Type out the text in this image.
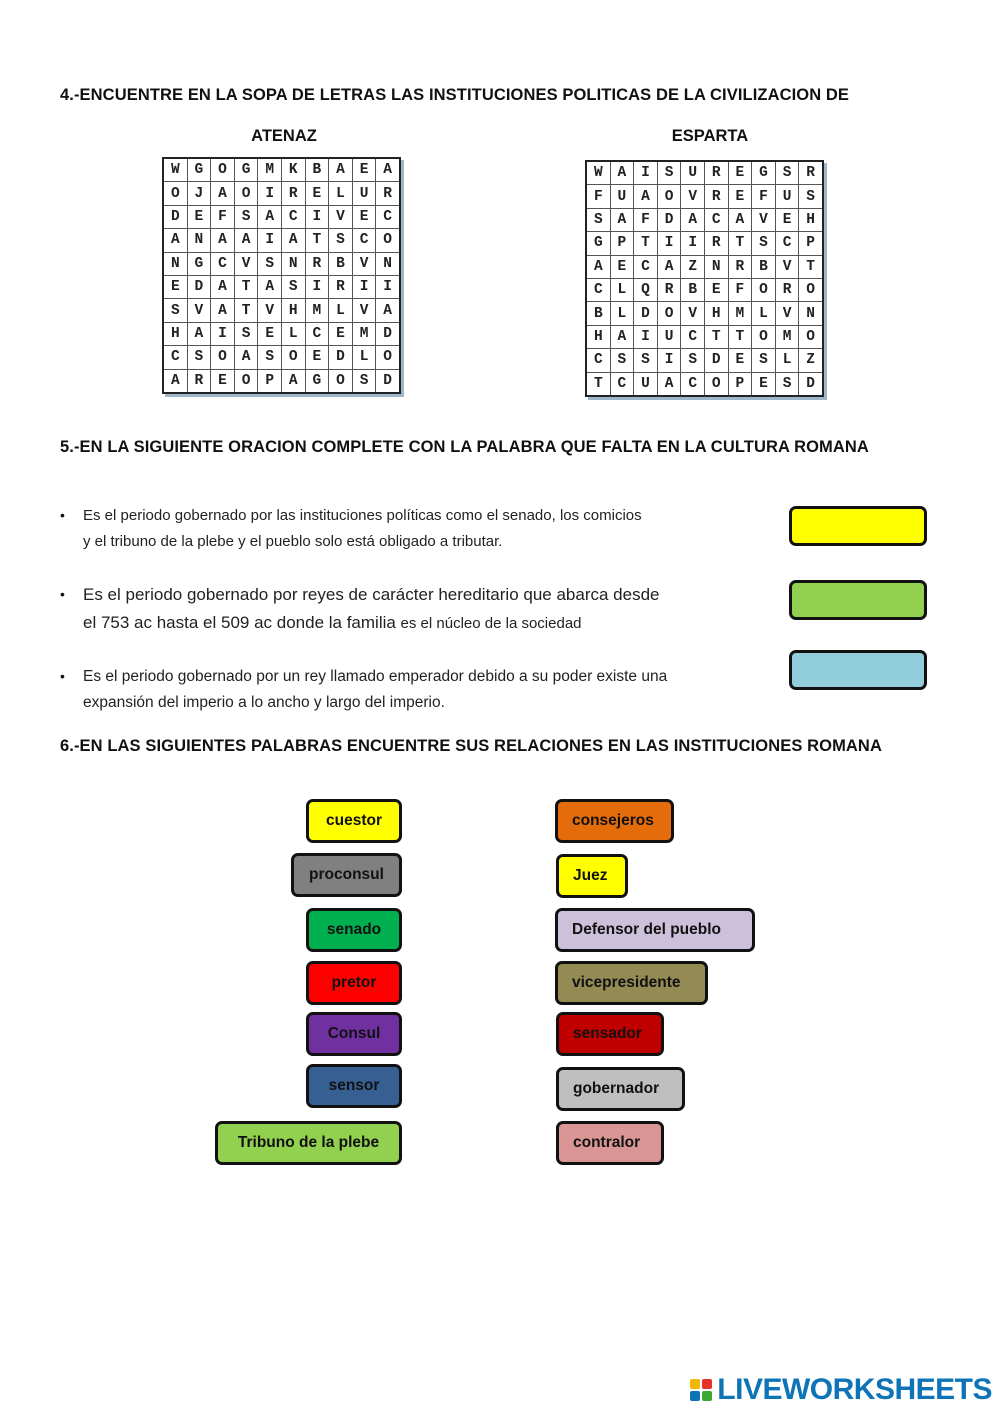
4.-ENCUENTRE EN LA SOPA DE LETRAS LAS INSTITUCIONES POLITICAS DE LA CIVILIZACION DE
ATENAZ	ESPARTA
W	G	O	G	M	K	B	A	E	A
O	J	A	O	I	R	E	L	U	R
D	E	F	S	A	C	I	V	E	C
A	N	A	A	I	A	T	S	C	O
N	G	C	V	S	N	R	B	V	N
E	D	A	T	A	S	I	R	I	I
S	V	A	T	V	H	M	L	V	A
H	A	I	S	E	L	C	E	M	D
C	S	O	A	S	O	E	D	L	O
A	R	E	O	P	A	G	O	S	D
W	A	I	S	U	R	E	G	S	R
F	U	A	O	V	R	E	F	U	S
S	A	F	D	A	C	A	V	E	H
G	P	T	I	I	R	T	S	C	P
A	E	C	A	Z	N	R	B	V	T
C	L	Q	R	B	E	F	O	R	O
B	L	D	O	V	H	M	L	V	N
H	A	I	U	C	T	T	O	M	O
C	S	S	I	S	D	E	S	L	Z
T	C	U	A	C	O	P	E	S	D
5.-EN LA SIGUIENTE ORACION COMPLETE CON LA PALABRA QUE FALTA EN LA CULTURA ROMANA
• Es el periodo gobernado por las instituciones políticas como el senado, los comicios
y el tribuno de la plebe y el pueblo solo está obligado a tributar.
• Es el periodo gobernado por reyes de carácter hereditario que abarca desde
el 753 ac hasta el 509 ac donde la familia es el núcleo de la sociedad
• Es el periodo gobernado por un rey llamado emperador debido a su poder existe una
expansión del imperio a lo ancho y largo del imperio.
6.-EN LAS SIGUIENTES PALABRAS ENCUENTRE SUS RELACIONES EN LAS INSTITUCIONES ROMANA
cuestor
proconsul
senado
pretor
Consul
sensor
Tribuno de la plebe
consejeros
Juez
Defensor del pueblo
vicepresidente
sensador
gobernador
contralor
LIVEWORKSHEETS
